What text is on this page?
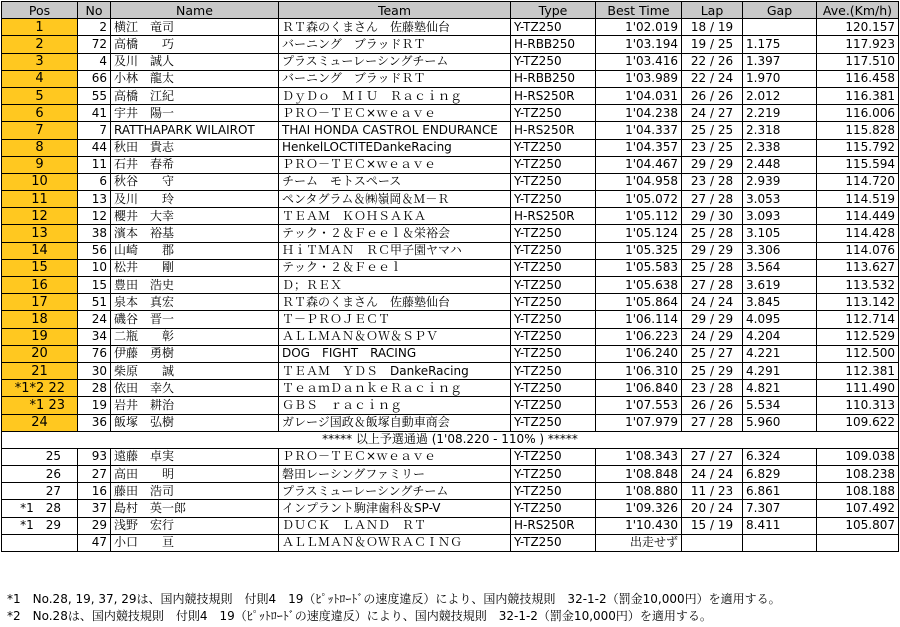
Pos	No	Name	Team	Type	Best Time	Lap	Gap	Ave.(Km/h)
1	2	横江　竜司	ＲＴ森のくまさん　佐藤塾仙台	Y-TZ250	1'02.019	18 / 19		120.157
2	72	高橋　　巧	バーニング　ブラッドＲＴ	H-RBB250	1'03.194	19 / 25	1.175	117.923
3	4	及川　誠人	プラスミューレーシングチーム	Y-TZ250	1'03.416	22 / 26	1.397	117.510
4	66	小林　龍太	バーニング　ブラッドＲＴ	H-RBB250	1'03.989	22 / 24	1.970	116.458
5	55	高橋　江紀	ＤｙＤｏ　ＭＩＵ　Ｒａｃｉｎｇ	H-RS250R	1'04.031	26 / 26	2.012	116.381
6	41	宇井　陽一	ＰＲＯ－ＴＥＣ×ｗｅａｖｅ	Y-TZ250	1'04.238	24 / 27	2.219	116.006
7	7	RATTHAPARK WILAIROT	THAI HONDA CASTROL ENDURANCE	H-RS250R	1'04.337	25 / 25	2.318	115.828
8	44	秋田　貴志	HenkelLOCTITEDankeRacing	Y-TZ250	1'04.357	23 / 25	2.338	115.792
9	11	石井　春希	ＰＲＯ－ＴＥＣ×ｗｅａｖｅ	Y-TZ250	1'04.467	29 / 29	2.448	115.594
10	6	秋谷　　守	チーム　モトスペース	Y-TZ250	1'04.958	23 / 28	2.939	114.720
11	13	及川　　玲	ペンタグラム＆㈱嶺岡＆Ｍ－Ｒ	Y-TZ250	1'05.072	27 / 28	3.053	114.519
12	12	櫻井　大幸	ＴＥＡＭ　ＫＯＨＳＡＫＡ	H-RS250R	1'05.112	29 / 30	3.093	114.449
13	38	濱本　裕基	テック・２＆Ｆｅｅｌ＆栄裕会	Y-TZ250	1'05.124	25 / 28	3.105	114.428
14	56	山崎　　郡	ＨｉＴＭＡＮ　ＲＣ甲子園ヤマハ	Y-TZ250	1'05.325	29 / 29	3.306	114.076
15	10	松井　　剛	テック・２＆Ｆｅｅｌ	Y-TZ250	1'05.583	25 / 28	3.564	113.627
16	15	豊田　浩史	Ｄ；ＲＥＸ	Y-TZ250	1'05.638	27 / 28	3.619	113.532
17	51	泉本　真宏	ＲＴ森のくまさん　佐藤塾仙台	Y-TZ250	1'05.864	24 / 24	3.845	113.142
18	24	磯谷　晋一	Ｔ－ＰＲＯＪＥＣＴ	Y-TZ250	1'06.114	29 / 29	4.095	112.714
19	34	二瓶　　彰	ＡＬＬＭＡＮ＆ＯＷ＆ＳＰＶ	Y-TZ250	1'06.223	24 / 29	4.204	112.529
20	76	伊藤　勇樹	DOG　FIGHT　RACING	Y-TZ250	1'06.240	25 / 27	4.221	112.500
21	30	柴原　　誠	ＴＥＡＭ　ＹＤＳ　DankeRacing	Y-TZ250	1'06.310	25 / 29	4.291	112.381
*1*2 22	28	依田　幸久	ＴｅａｍＤａｎｋｅＲａｃｉｎｇ	Y-TZ250	1'06.840	23 / 28	4.821	111.490
*1 23	19	岩井　耕治	ＧＢＳ　ｒａｃｉｎｇ	Y-TZ250	1'07.553	26 / 26	5.534	110.313
24	36	飯塚　弘樹	ガレージ国政＆飯塚自動車商会	Y-TZ250	1'07.979	27 / 28	5.960	109.622
***** 以上予選通過 (1'08.220 - 110% ) *****								
25	93	遠藤　卓実	ＰＲＯ－ＴＥＣ×ｗｅａｖｅ	Y-TZ250	1'08.343	27 / 27	6.324	109.038
26	27	高田　　明	磐田レーシングファミリー	Y-TZ250	1'08.848	24 / 24	6.829	108.238
27	16	藤田　浩司	プラスミューレーシングチーム	Y-TZ250	1'08.880	11 / 23	6.861	108.188
*1　28	37	島村　英一郎	インプラント駒津歯科＆SP-V	Y-TZ250	1'09.326	20 / 24	7.307	107.492
*1　29	29	浅野　宏行	ＤＵＣＫ　ＬＡＮＤ　ＲＴ	H-RS250R	1'10.430	15 / 19	8.411	105.807
	47	小口　　亘	ＡＬＬＭＡＮ＆ＯＷＲＡＣＩＮＧ	Y-TZ250	出走せず			
*1　No.28, 19, 37, 29は、国内競技規則　付則4　19（ﾋﾟｯﾄﾛｰﾄﾞの速度違反）により、国内競技規則　32-1-2（罰金10,000円）を適用する。
*2　No.28は、国内競技規則　付則4　19（ﾋﾟｯﾄﾛｰﾄﾞの速度違反）により、国内競技規則　32-1-2（罰金10,000円）を適用する。
